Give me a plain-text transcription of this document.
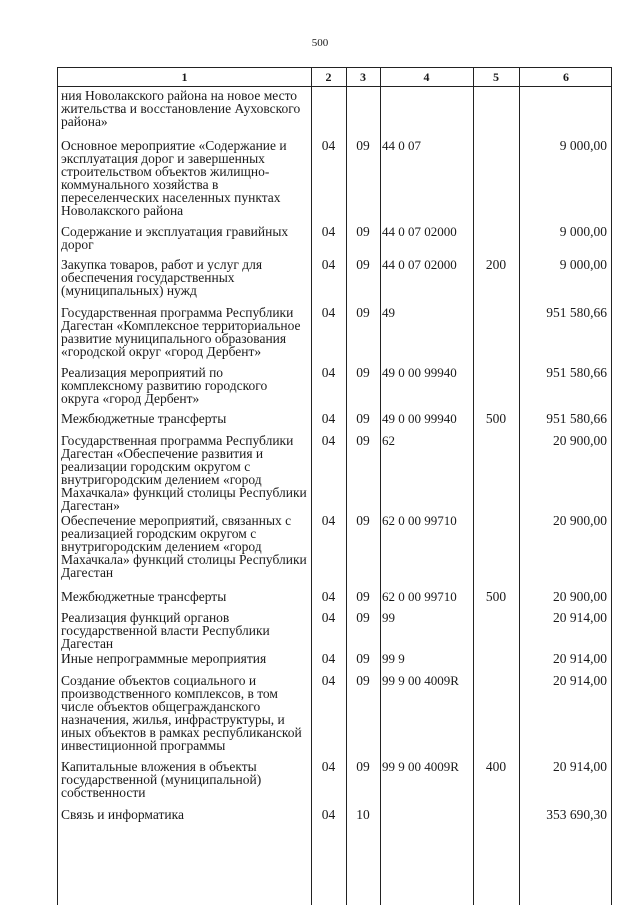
500
1	2	3	4	5	6
ния Новолакского района на новое место жительства и восстановление Ауховского района»					
Основное мероприятие «Содержание и эксплуатация дорог и завершенных строительством объектов жилищно-коммунального хозяйства в переселенческих населенных пунктах Новолакского района	04	09	44 0 07		9 000,00
Содержание и эксплуатация гравийных дорог	04	09	44 0 07 02000		9 000,00
Закупка товаров, работ и услуг для обеспечения государственных (муниципальных) нужд	04	09	44 0 07 02000	200	9 000,00
Государственная программа Республики Дагестан «Комплексное территориальное развитие муниципального образования «городской округ «город Дербент»	04	09	49		951 580,66
Реализация мероприятий по комплексному развитию городского округа «город Дербент»	04	09	49 0 00 99940		951 580,66
Межбюджетные трансферты	04	09	49 0 00 99940	500	951 580,66
Государственная программа Республики Дагестан «Обеспечение развития и реализации городским округом с внутригородским делением «город Махачкала» функций столицы Республики Дагестан»	04	09	62		20 900,00
Обеспечение мероприятий, связанных с реализацией городским округом с внутригородским делением «город Махачкала» функций столицы Республики Дагестан	04	09	62 0 00 99710		20 900,00
Межбюджетные трансферты	04	09	62 0 00 99710	500	20 900,00
Реализация функций органов государственной власти Республики Дагестан	04	09	99		20 914,00
Иные непрограммные мероприятия	04	09	99 9		20 914,00
Создание объектов социального и производственного комплексов, в том числе объектов общегражданского назначения, жилья, инфраструктуры, и иных объектов в рамках республиканской инвестиционной программы	04	09	99 9 00 4009R		20 914,00
Капитальные вложения в объекты государственной (муниципальной) собственности	04	09	99 9 00 4009R	400	20 914,00
Связь и информатика	04	10			353 690,30
